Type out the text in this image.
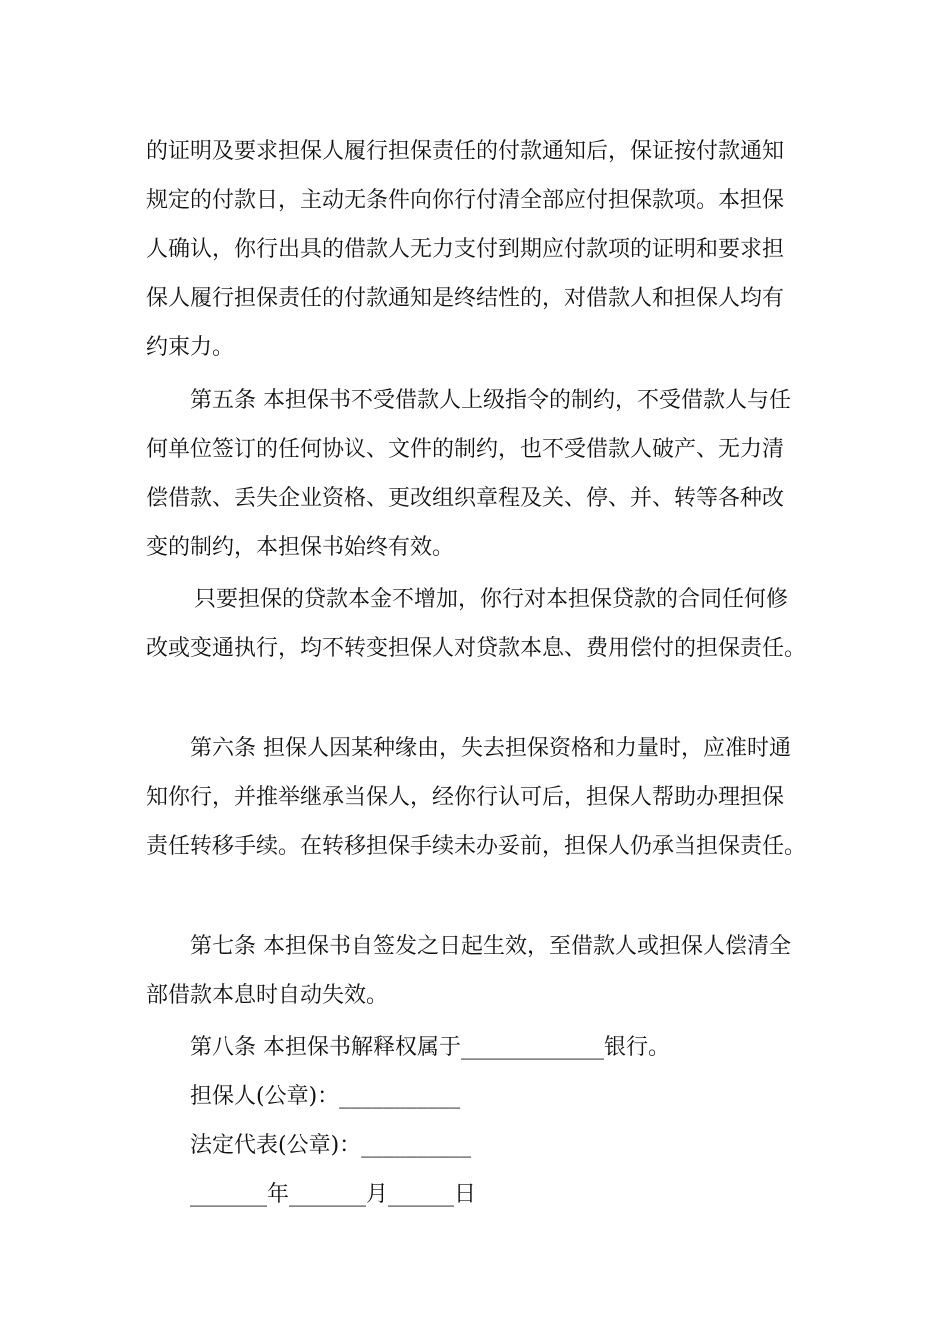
的证明及要求担保人履行担保责任的付款通知后，保证按付款通知
规定的付款日，主动无条件向你行付清全部应付担保款项。本担保
人确认，你行出具的借款人无力支付到期应付款项的证明和要求担
保人履行担保责任的付款通知是终结性的，对借款人和担保人均有
约束力。
第五条 本担保书不受借款人上级指令的制约，不受借款人与任
何单位签订的任何协议、文件的制约，也不受借款人破产、无力清
偿借款、丢失企业资格、更改组织章程及关、停、并、转等各种改
变的制约，本担保书始终有效。
只要担保的贷款本金不增加，你行对本担保贷款的合同任何修
改或变通执行，均不转变担保人对贷款本息、费用偿付的担保责任。
第六条 担保人因某种缘由，失去担保资格和力量时，应准时通
知你行，并推举继承当保人，经你行认可后，担保人帮助办理担保
责任转移手续。在转移担保手续未办妥前，担保人仍承当担保责任。
第七条 本担保书自签发之日起生效，至借款人或担保人偿清全
部借款本息时自动失效。
第八条 本担保书解释权属于_____________银行。
担保人(公章)：___________
法定代表(公章)：__________
_______年_______月______日
